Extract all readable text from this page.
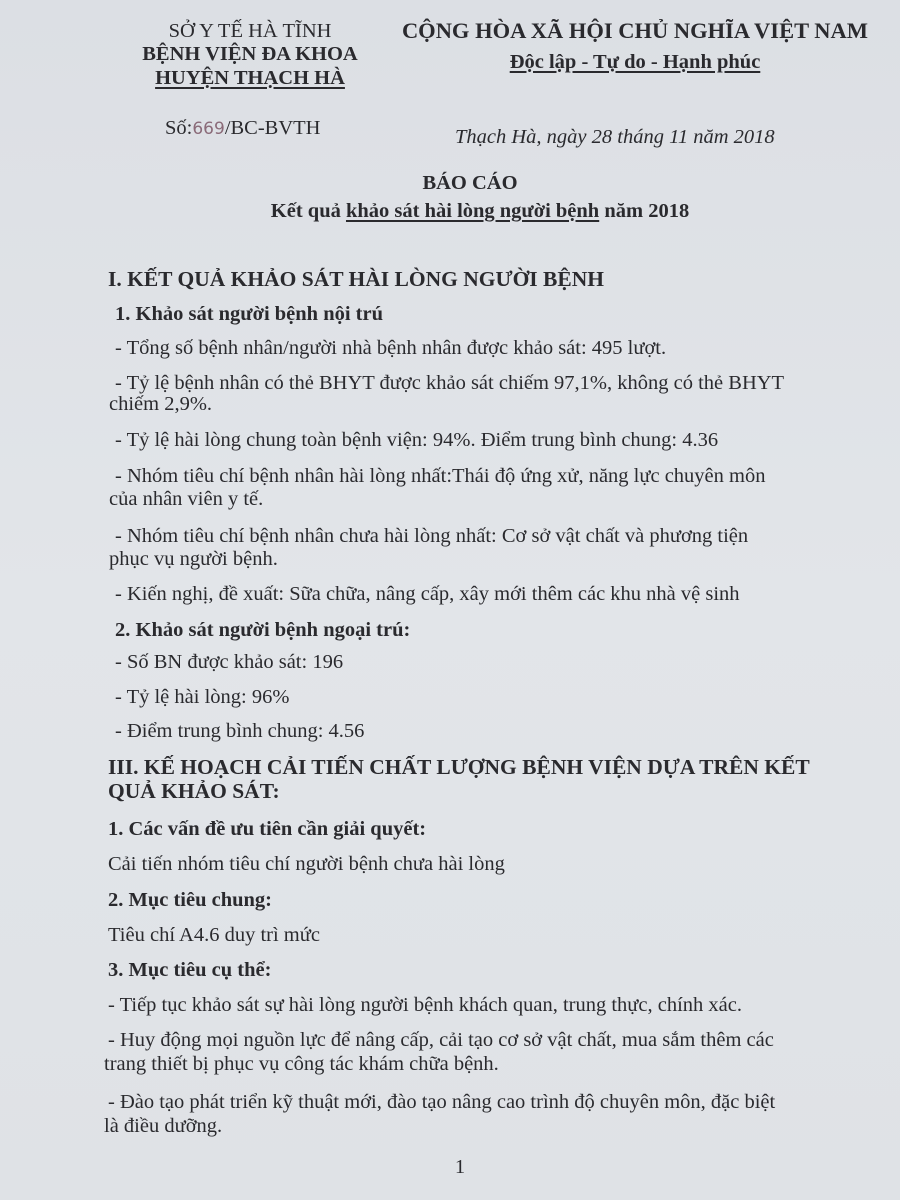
SỞ Y TẾ HÀ TĨNH
BỆNH VIỆN ĐA KHOA
HUYỆN THẠCH HÀ
CỘNG HÒA XÃ HỘI CHỦ NGHĨA VIỆT NAM
Độc lập - Tự do - Hạnh phúc
Số:669/BC-BVTH	Thạch Hà, ngày 28 tháng 11 năm 2018
BÁO CÁO
Kết quả khảo sát hài lòng người bệnh năm 2018
I. KẾT QUẢ KHẢO SÁT HÀI LÒNG NGƯỜI BỆNH
1. Khảo sát người bệnh nội trú
- Tổng số bệnh nhân/người nhà bệnh nhân được khảo sát: 495 lượt.
- Tỷ lệ bệnh nhân có thẻ BHYT được khảo sát chiếm 97,1%, không có thẻ BHYT
chiếm 2,9%.
- Tỷ lệ hài lòng chung toàn bệnh viện: 94%. Điểm trung bình chung: 4.36
- Nhóm tiêu chí bệnh nhân hài lòng nhất:Thái độ ứng xử, năng lực chuyên môn
của nhân viên y tế.
- Nhóm tiêu chí bệnh nhân chưa hài lòng nhất: Cơ sở vật chất và phương tiện
phục vụ người bệnh.
- Kiến nghị, đề xuất: Sữa chữa, nâng cấp, xây mới thêm các khu nhà vệ sinh
2. Khảo sát người bệnh ngoại trú:
- Số BN được khảo sát: 196
- Tỷ lệ hài lòng: 96%
- Điểm trung bình chung: 4.56
III. KẾ HOẠCH CẢI TIẾN CHẤT LƯỢNG BỆNH VIỆN DỰA TRÊN KẾT
QUẢ KHẢO SÁT:
1. Các vấn đề ưu tiên cần giải quyết:
Cải tiến nhóm tiêu chí người bệnh chưa hài lòng
2. Mục tiêu chung:
Tiêu chí A4.6 duy trì mức
3. Mục tiêu cụ thể:
- Tiếp tục khảo sát sự hài lòng người bệnh khách quan, trung thực, chính xác.
- Huy động mọi nguồn lực để nâng cấp, cải tạo cơ sở vật chất, mua sắm thêm các
trang thiết bị phục vụ công tác khám chữa bệnh.
- Đào tạo phát triển kỹ thuật mới, đào tạo nâng cao trình độ chuyên môn, đặc biệt
là điều dưỡng.
1
